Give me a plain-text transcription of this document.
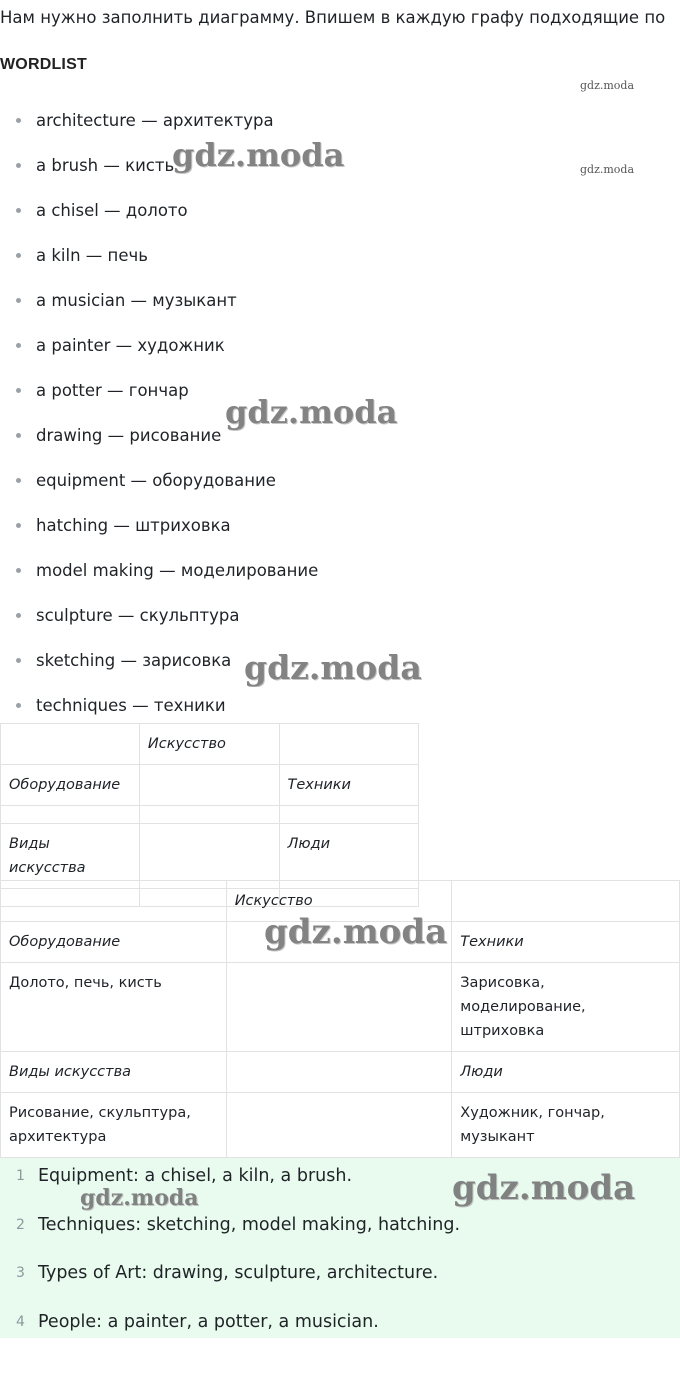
Нам нужно заполнить диаграмму. Впишем в каждую графу подходящие по

WORDLIST
architecture — архитектура
a brush — кисть
a chisel — долото
a kiln — печь
a musician — музыкант
a painter — художник
a potter — гончар
drawing — рисование
equipment — оборудование
hatching — штриховка
model making — моделирование
sculpture — скульптура
sketching — зарисовка
techniques — техники
	Искусство	
Оборудование		Техники

Виды искусства		Люди

	Искусство	
Оборудование		Техники
Долото, печь, кисть		Зарисовка, моделирование, штриховка
Виды искусства		Люди
Рисование, скульптура, архитектура		Художник, гончар, музыкант
1 Equipment: a chisel, a kiln, a brush.
2 Techniques: sketching, model making, hatching.
3 Types of Art: drawing, sculpture, architecture.
4 People: a painter, a potter, a musician.
gdz.moda
gdz.moda
gdz.moda
gdz.moda
gdz.moda
gdz.moda
gdz.moda
gdz.moda
